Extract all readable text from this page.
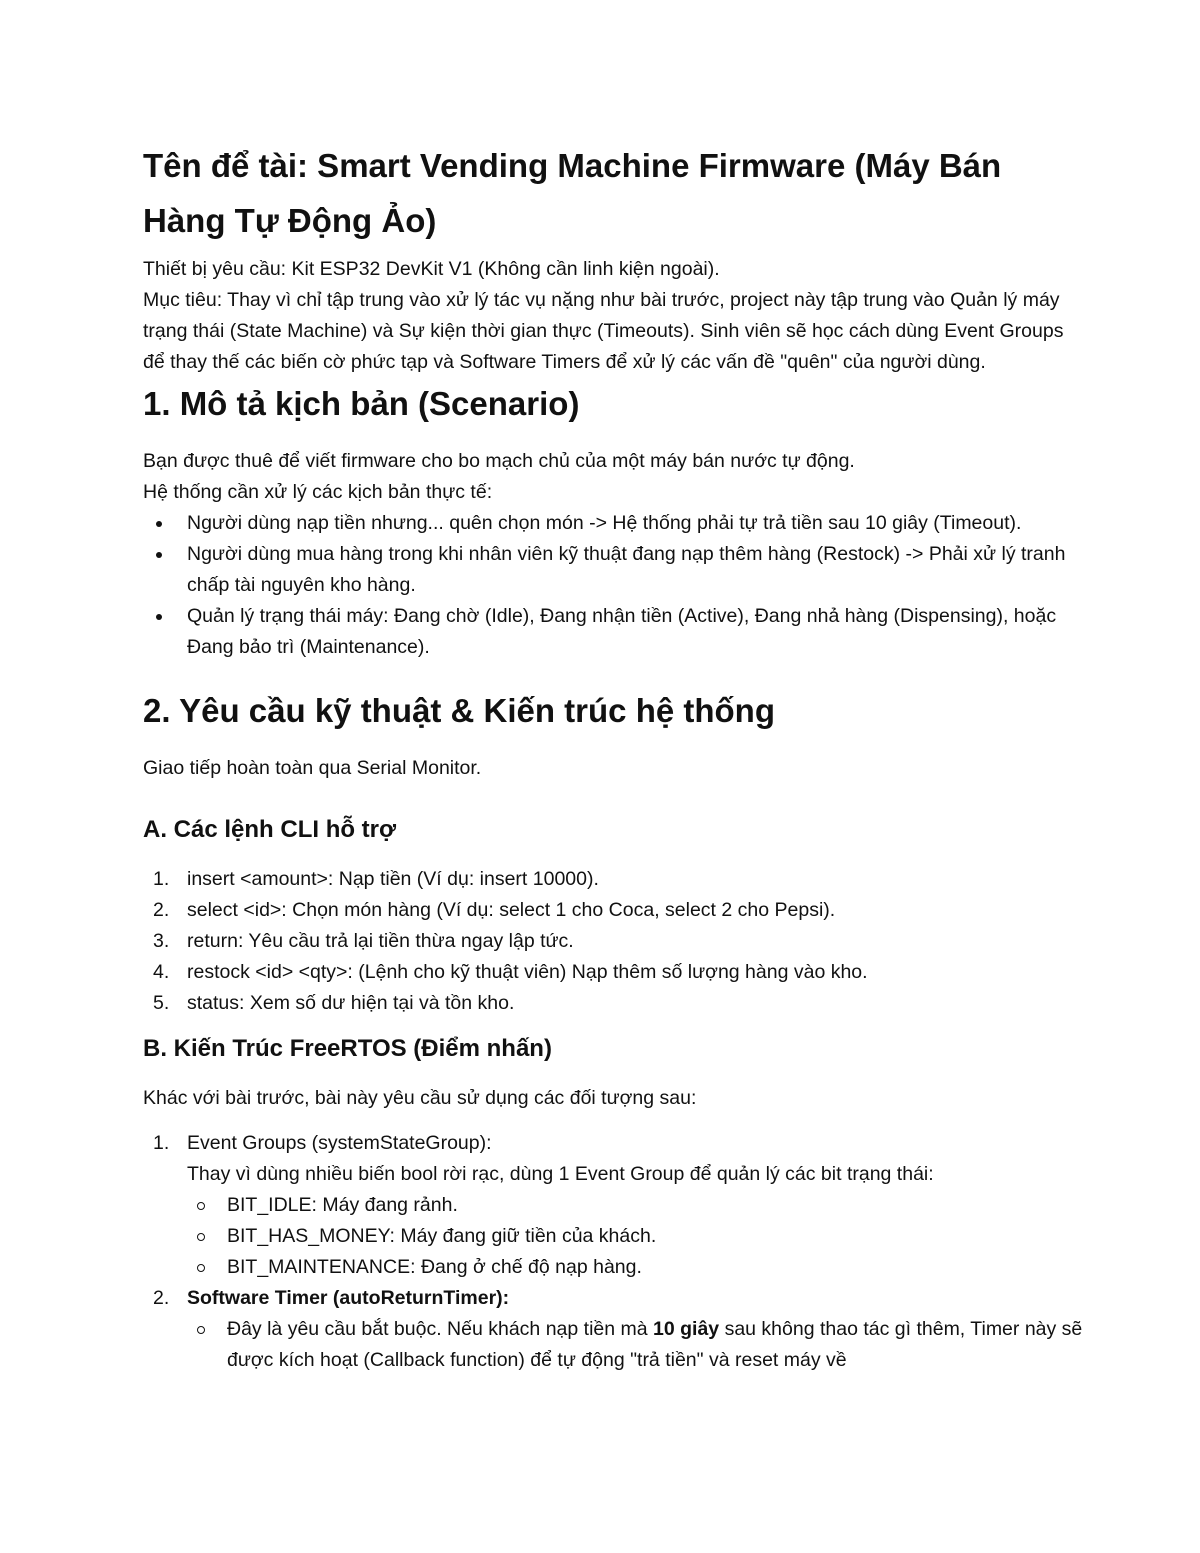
Tên để tài: Smart Vending Machine Firmware (Máy Bán Hàng Tự Động Ảo)

Thiết bị yêu cầu: Kit ESP32 DevKit V1 (Không cần linh kiện ngoài).

Mục tiêu: Thay vì chỉ tập trung vào xử lý tác vụ nặng như bài trước, project này tập trung vào Quản lý máy trạng thái (State Machine) và Sự kiện thời gian thực (Timeouts). Sinh viên sẽ học cách dùng Event Groups để thay thế các biến cờ phức tạp và Software Timers để xử lý các vấn đề "quên" của người dùng.

1. Mô tả kịch bản (Scenario)

Bạn được thuê để viết firmware cho bo mạch chủ của một máy bán nước tự động.

Hệ thống cần xử lý các kịch bản thực tế:

Người dùng nạp tiền nhưng... quên chọn món -> Hệ thống phải tự trả tiền sau 10 giây (Timeout).
Người dùng mua hàng trong khi nhân viên kỹ thuật đang nạp thêm hàng (Restock) -> Phải xử lý tranh chấp tài nguyên kho hàng.
Quản lý trạng thái máy: Đang chờ (Idle), Đang nhận tiền (Active), Đang nhả hàng (Dispensing), hoặc Đang bảo trì (Maintenance).
2. Yêu cầu kỹ thuật & Kiến trúc hệ thống

Giao tiếp hoàn toàn qua Serial Monitor.

A. Các lệnh CLI hỗ trợ
1. insert <amount>: Nạp tiền (Ví dụ: insert 10000).
2. select <id>: Chọn món hàng (Ví dụ: select 1 cho Coca, select 2 cho Pepsi).
3. return: Yêu cầu trả lại tiền thừa ngay lập tức.
4. restock <id> <qty>: (Lệnh cho kỹ thuật viên) Nạp thêm số lượng hàng vào kho.
5. status: Xem số dư hiện tại và tồn kho.
B. Kiến Trúc FreeRTOS (Điểm nhấn)

Khác với bài trước, bài này yêu cầu sử dụng các đối tượng sau:

1. Event Groups (systemStateGroup):
Thay vì dùng nhiều biến bool rời rạc, dùng 1 Event Group để quản lý các bit trạng thái:
BIT_IDLE: Máy đang rảnh.
BIT_HAS_MONEY: Máy đang giữ tiền của khách.
BIT_MAINTENANCE: Đang ở chế độ nạp hàng.
2. Software Timer (autoReturnTimer):
Đây là yêu cầu bắt buộc. Nếu khách nạp tiền mà 10 giây sau không thao tác gì thêm, Timer này sẽ được kích hoạt (Callback function) để tự động "trả tiền" và reset máy về
